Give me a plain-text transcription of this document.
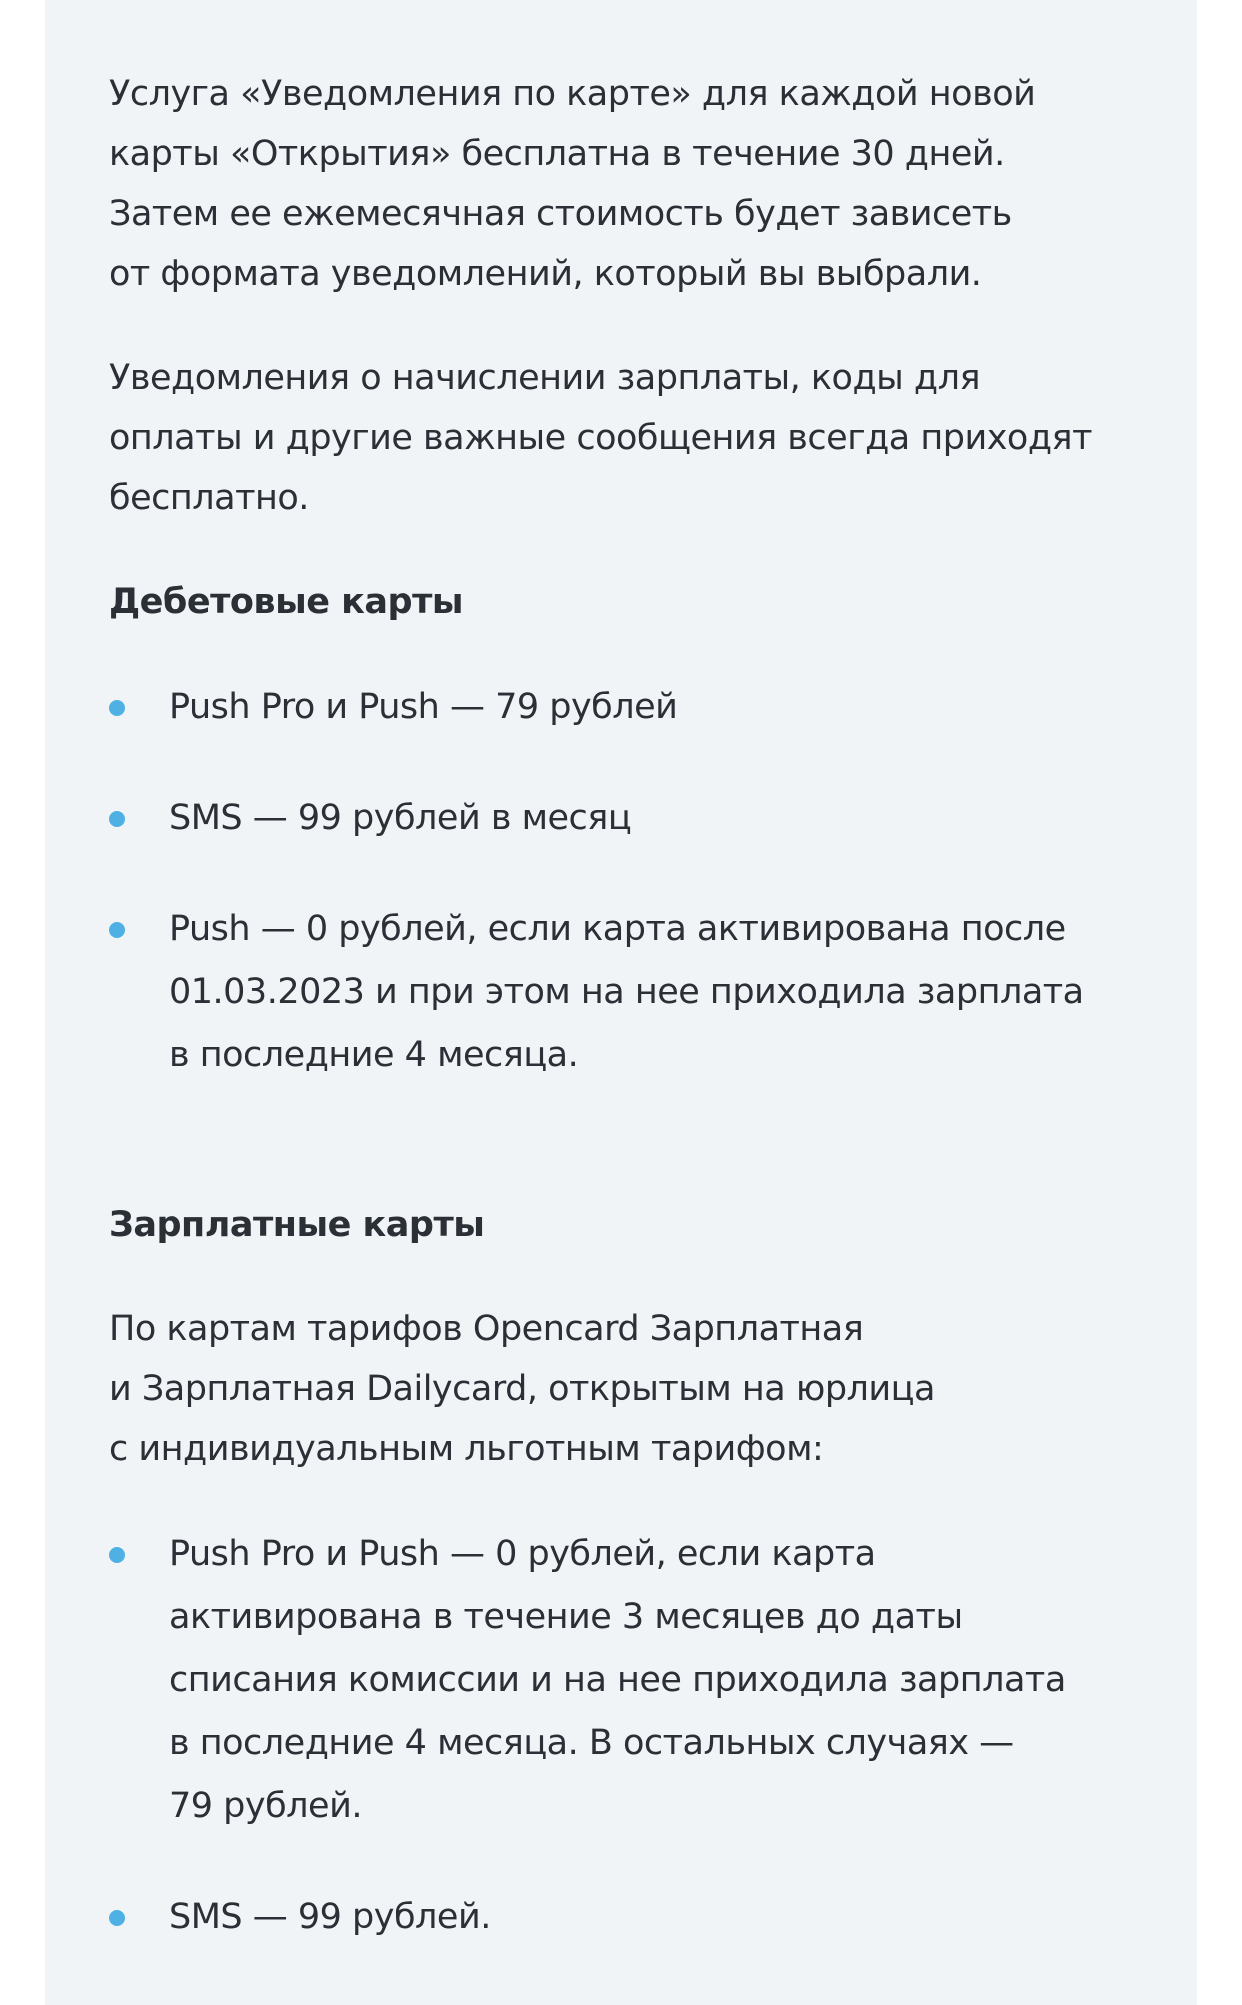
Услуга «Уведомления по карте» для каждой новой
карты «Открытия» бесплатна в течение 30 дней.
Затем ее ежемесячная стоимость будет зависеть
от формата уведомлений, который вы выбрали.

Уведомления о начислении зарплаты, коды для
оплаты и другие важные сообщения всегда приходят
бесплатно.

Дебетовые карты
Push Pro и Push — 79 рублей
SMS — 99 рублей в месяц
Push — 0 рублей, если карта активирована после
01.03.2023 и при этом на нее приходила зарплата
в последние 4 месяца.
Зарплатные карты

По картам тарифов Opencard Зарплатная
и Зарплатная Dailycard, открытым на юрлица
с индивидуальным льготным тарифом:

Push Pro и Push — 0 рублей, если карта
активирована в течение 3 месяцев до даты
списания комиссии и на нее приходила зарплата
в последние 4 месяца. В остальных случаях —
79 рублей.
SMS — 99 рублей.
